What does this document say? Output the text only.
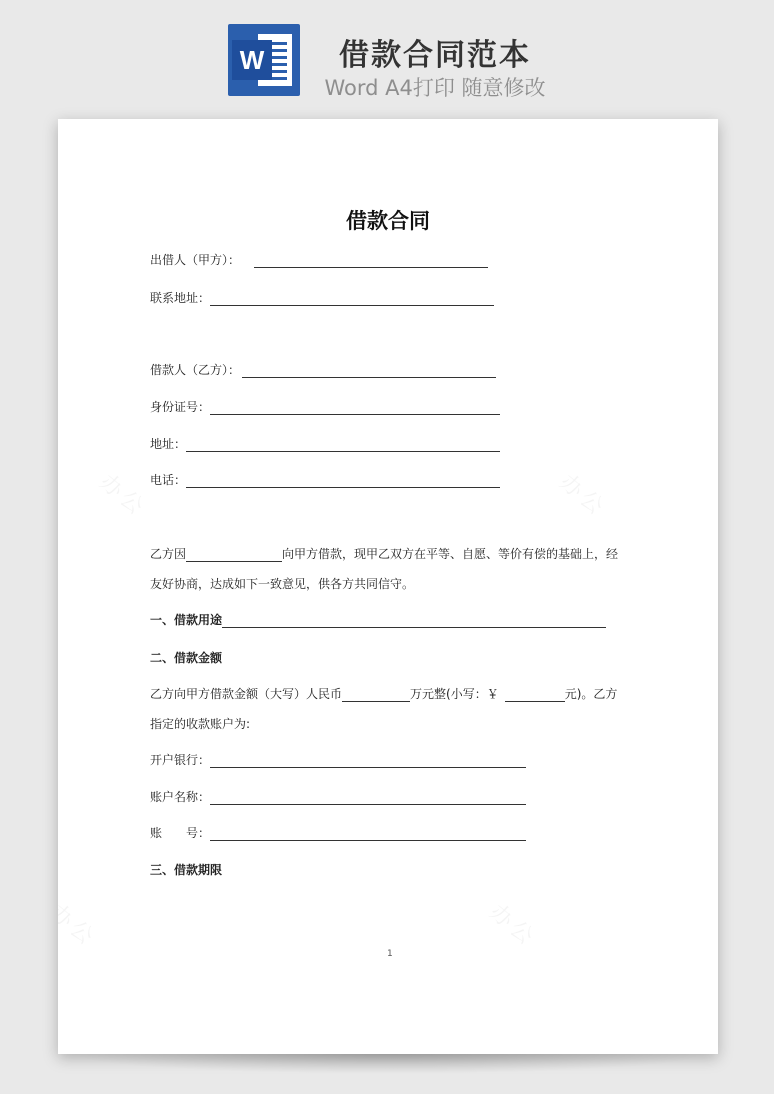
W	借款合同范本
Word A4打印 随意修改
借款合同
出借人（甲方）：
联系地址：
借款人（乙方）：
身份证号：
地址：
电话：
乙方因	向甲方借款，现甲乙双方在平等、自愿、等价有偿的基础上，经
友好协商，达成如下一致意见，供各方共同信守。
一、借款用途
二、借款金额
乙方向甲方借款金额（大写）人民币	万元整(小写：￥	元)。乙方
指定的收款账户为:
开户银行：
账户名称：
账　　号：
三、借款期限
1
